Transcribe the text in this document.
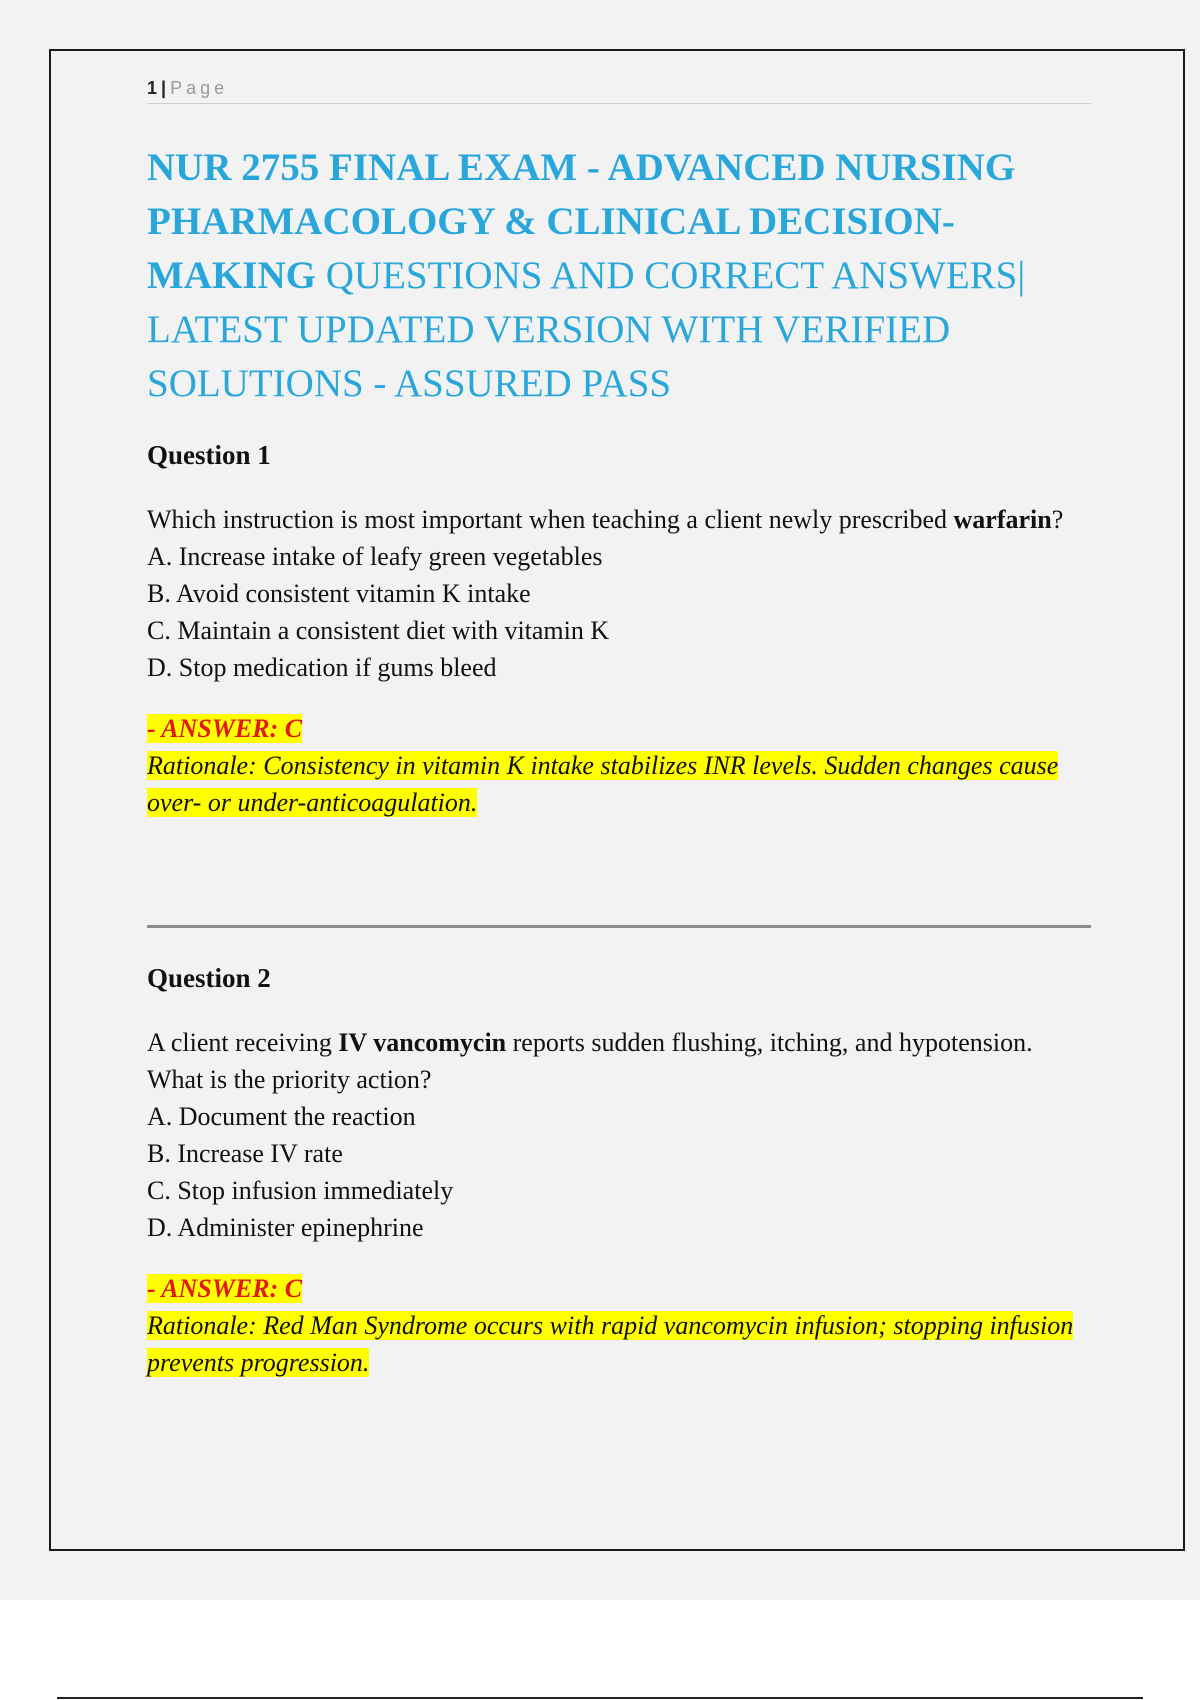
1 | Page
NUR 2755 FINAL EXAM - ADVANCED NURSING PHARMACOLOGY & CLINICAL DECISION-MAKING QUESTIONS AND CORRECT ANSWERS| LATEST UPDATED VERSION WITH VERIFIED SOLUTIONS - ASSURED PASS
Question 1

Which instruction is most important when teaching a client newly prescribed warfarin?

A. Increase intake of leafy green vegetables
B. Avoid consistent vitamin K intake
C. Maintain a consistent diet with vitamin K
D. Stop medication if gums bleed
- ANSWER: C
Rationale: Consistency in vitamin K intake stabilizes INR levels. Sudden changes cause over- or under-anticoagulation.
Question 2

A client receiving IV vancomycin reports sudden flushing, itching, and hypotension. What is the priority action?

A. Document the reaction
B. Increase IV rate
C. Stop infusion immediately
D. Administer epinephrine
- ANSWER: C
Rationale: Red Man Syndrome occurs with rapid vancomycin infusion; stopping infusion prevents progression.
